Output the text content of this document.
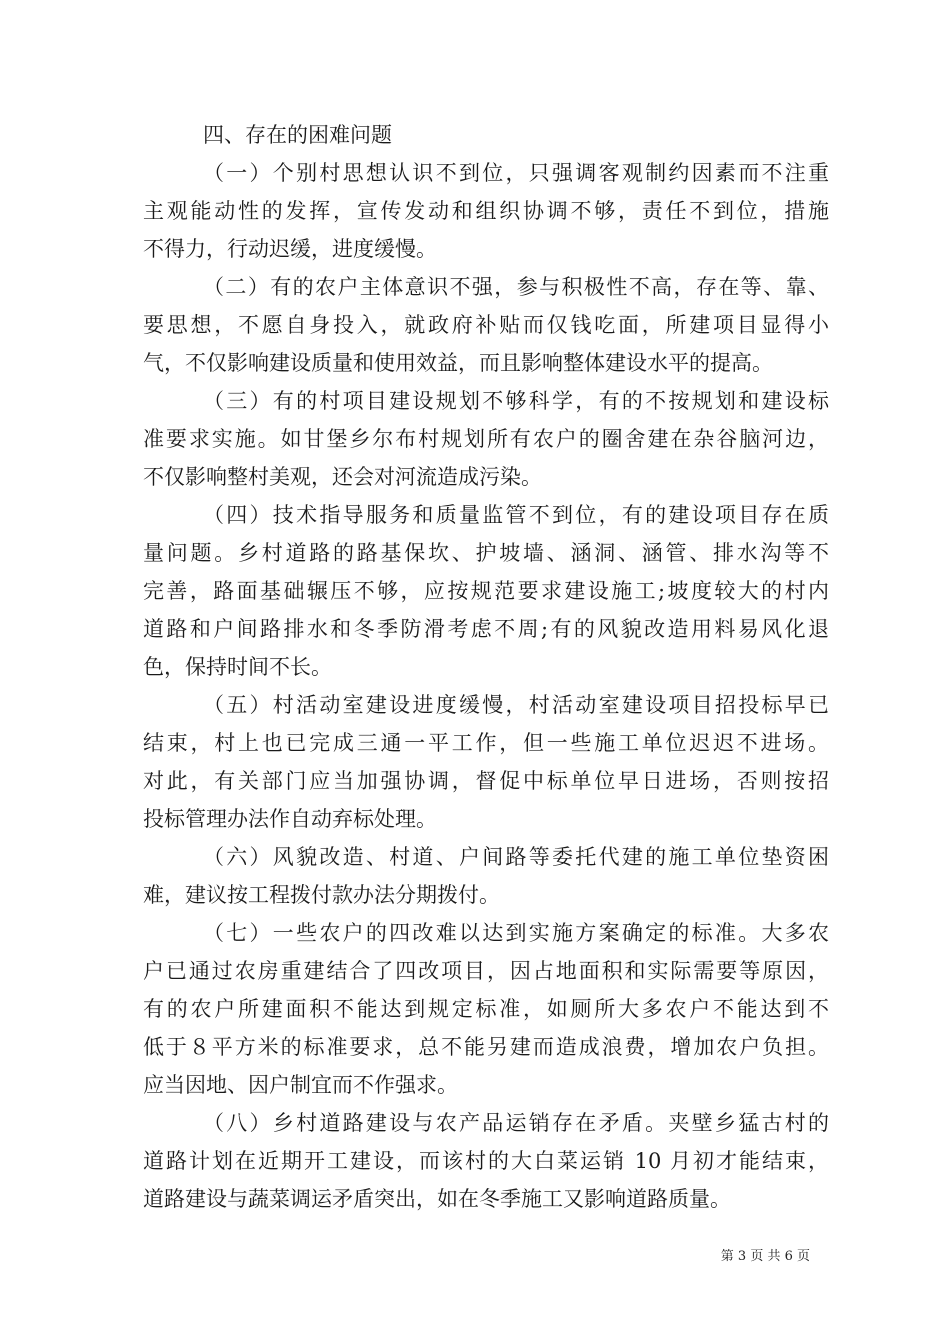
四、存在的困难问题

（一）个别村思想认识不到位，只强调客观制约因素而不注重
主观能动性的发挥，宣传发动和组织协调不够，责任不到位，措施
不得力，行动迟缓，进度缓慢。

（二）有的农户主体意识不强，参与积极性不高，存在等、靠、
要思想，不愿自身投入，就政府补贴而仅钱吃面，所建项目显得小
气，不仅影响建设质量和使用效益，而且影响整体建设水平的提高。

（三）有的村项目建设规划不够科学，有的不按规划和建设标
准要求实施。如甘堡乡尔布村规划所有农户的圈舍建在杂谷脑河边，
不仅影响整村美观，还会对河流造成污染。

（四）技术指导服务和质量监管不到位，有的建设项目存在质
量问题。乡村道路的路基保坎、护坡墙、涵洞、涵管、排水沟等不
完善，路面基础辗压不够，应按规范要求建设施工;坡度较大的村内
道路和户间路排水和冬季防滑考虑不周;有的风貌改造用料易风化退
色，保持时间不长。

（五）村活动室建设进度缓慢，村活动室建设项目招投标早已
结束，村上也已完成三通一平工作，但一些施工单位迟迟不进场。
对此，有关部门应当加强协调，督促中标单位早日进场，否则按招
投标管理办法作自动弃标处理。

（六）风貌改造、村道、户间路等委托代建的施工单位垫资困
难，建议按工程拨付款办法分期拨付。

（七）一些农户的四改难以达到实施方案确定的标准。大多农
户已通过农房重建结合了四改项目，因占地面积和实际需要等原因，
有的农户所建面积不能达到规定标准，如厕所大多农户不能达到不
低于８平方米的标准要求，总不能另建而造成浪费，增加农户负担。
应当因地、因户制宜而不作强求。

（八）乡村道路建设与农产品运销存在矛盾。夹壁乡猛古村的
道路计划在近期开工建设，而该村的大白菜运销 10 月初才能结束，
道路建设与蔬菜调运矛盾突出，如在冬季施工又影响道路质量。

第 3 页 共 6 页
